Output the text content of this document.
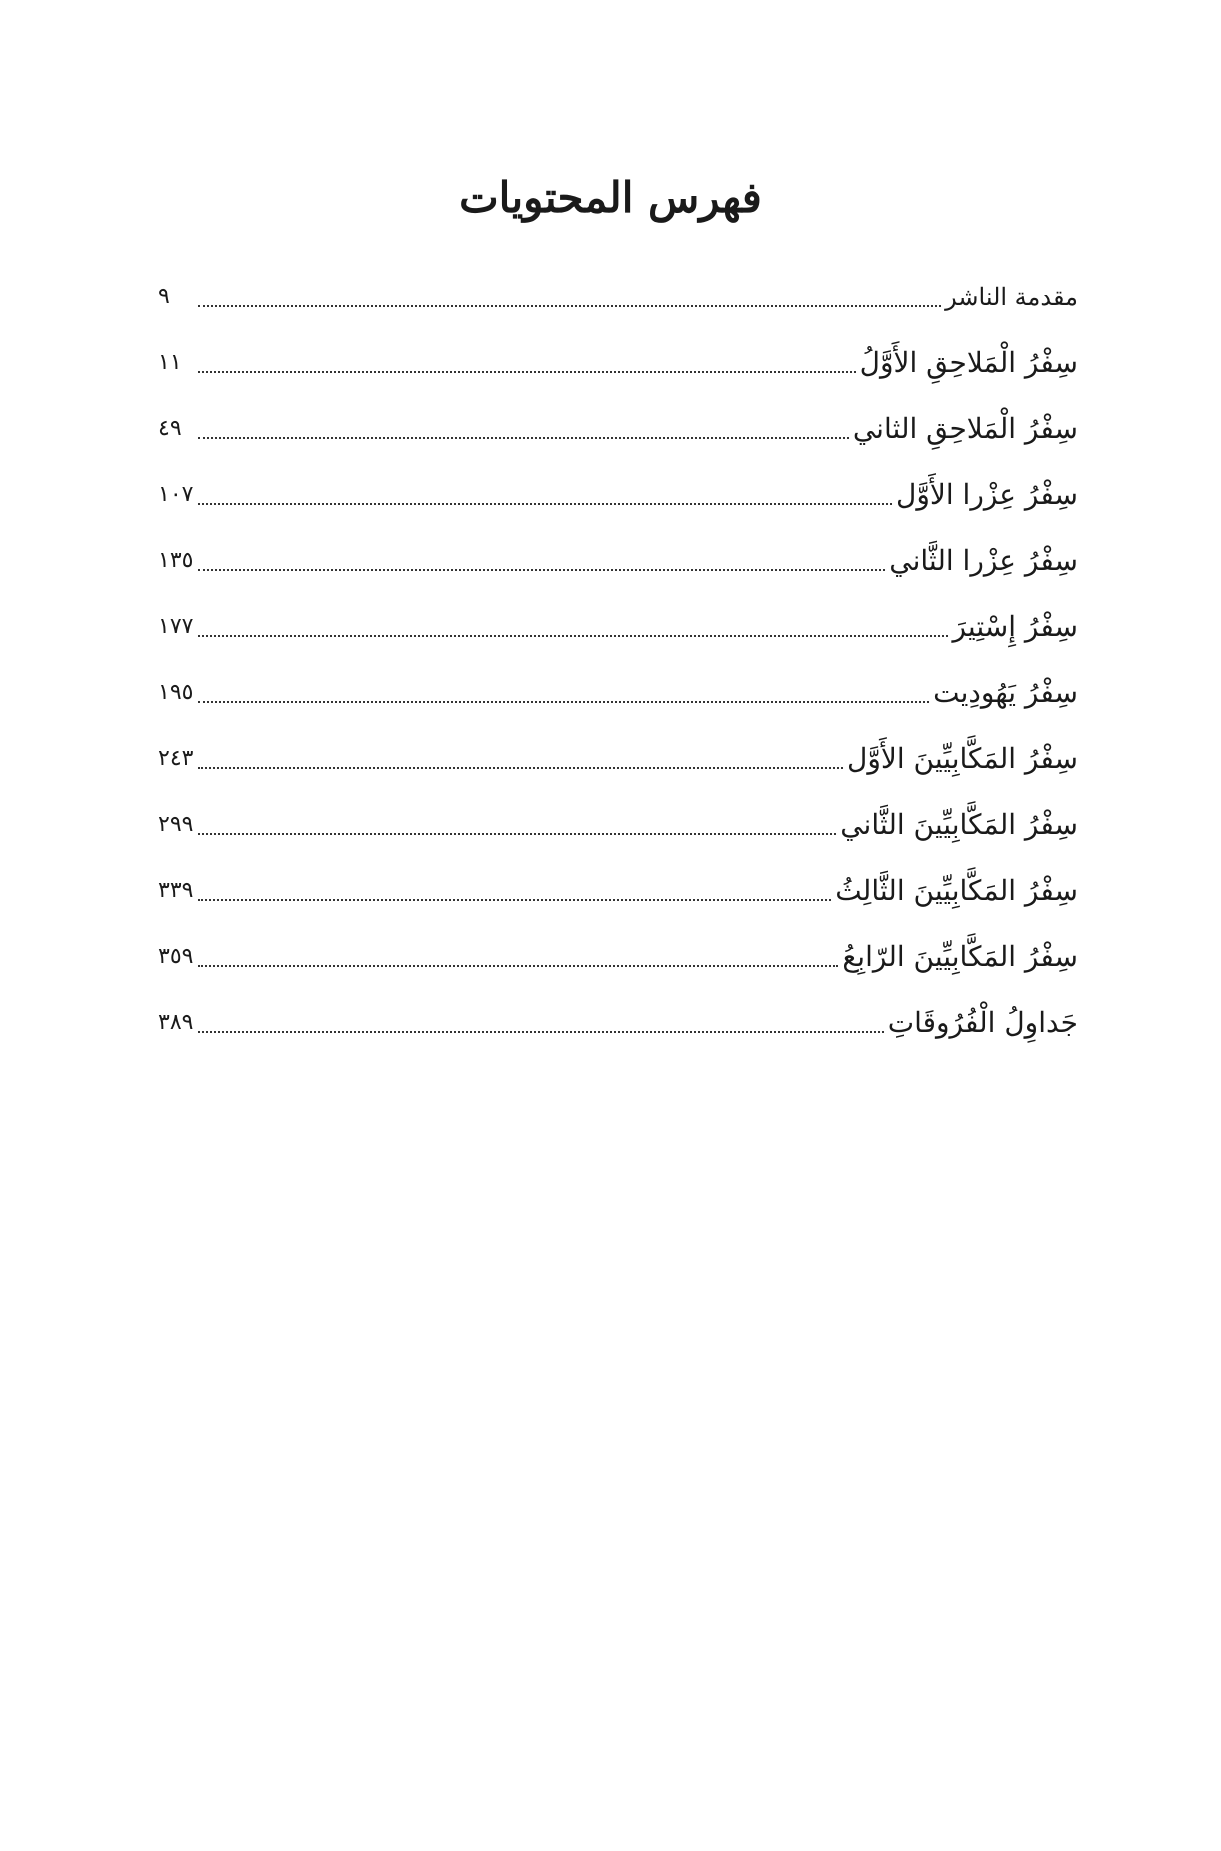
فهرس المحتويات
مقدمة الناشر
٩
سِفْرُ الْمَلاحِقِ الأَوَّلُ
١١
سِفْرُ الْمَلاحِقِ الثاني
٤٩
سِفْرُ عِزْرا الأَوَّل
١٠٧
سِفْرُ عِزْرا الثَّاني
١٣٥
سِفْرُ إِسْتِيرَ
١٧٧
سِفْرُ يَهُودِيت
١٩٥
سِفْرُ المَكَّابِيِّينَ الأَوَّل
٢٤٣
سِفْرُ المَكَّابِيِّينَ الثَّاني
٢٩٩
سِفْرُ المَكَّابِيِّينَ الثَّالِثُ
٣٣٩
سِفْرُ المَكَّابِيِّينَ الرّابِعُ
٣٥٩
جَداوِلُ الْفُرُوقَاتِ
٣٨٩
